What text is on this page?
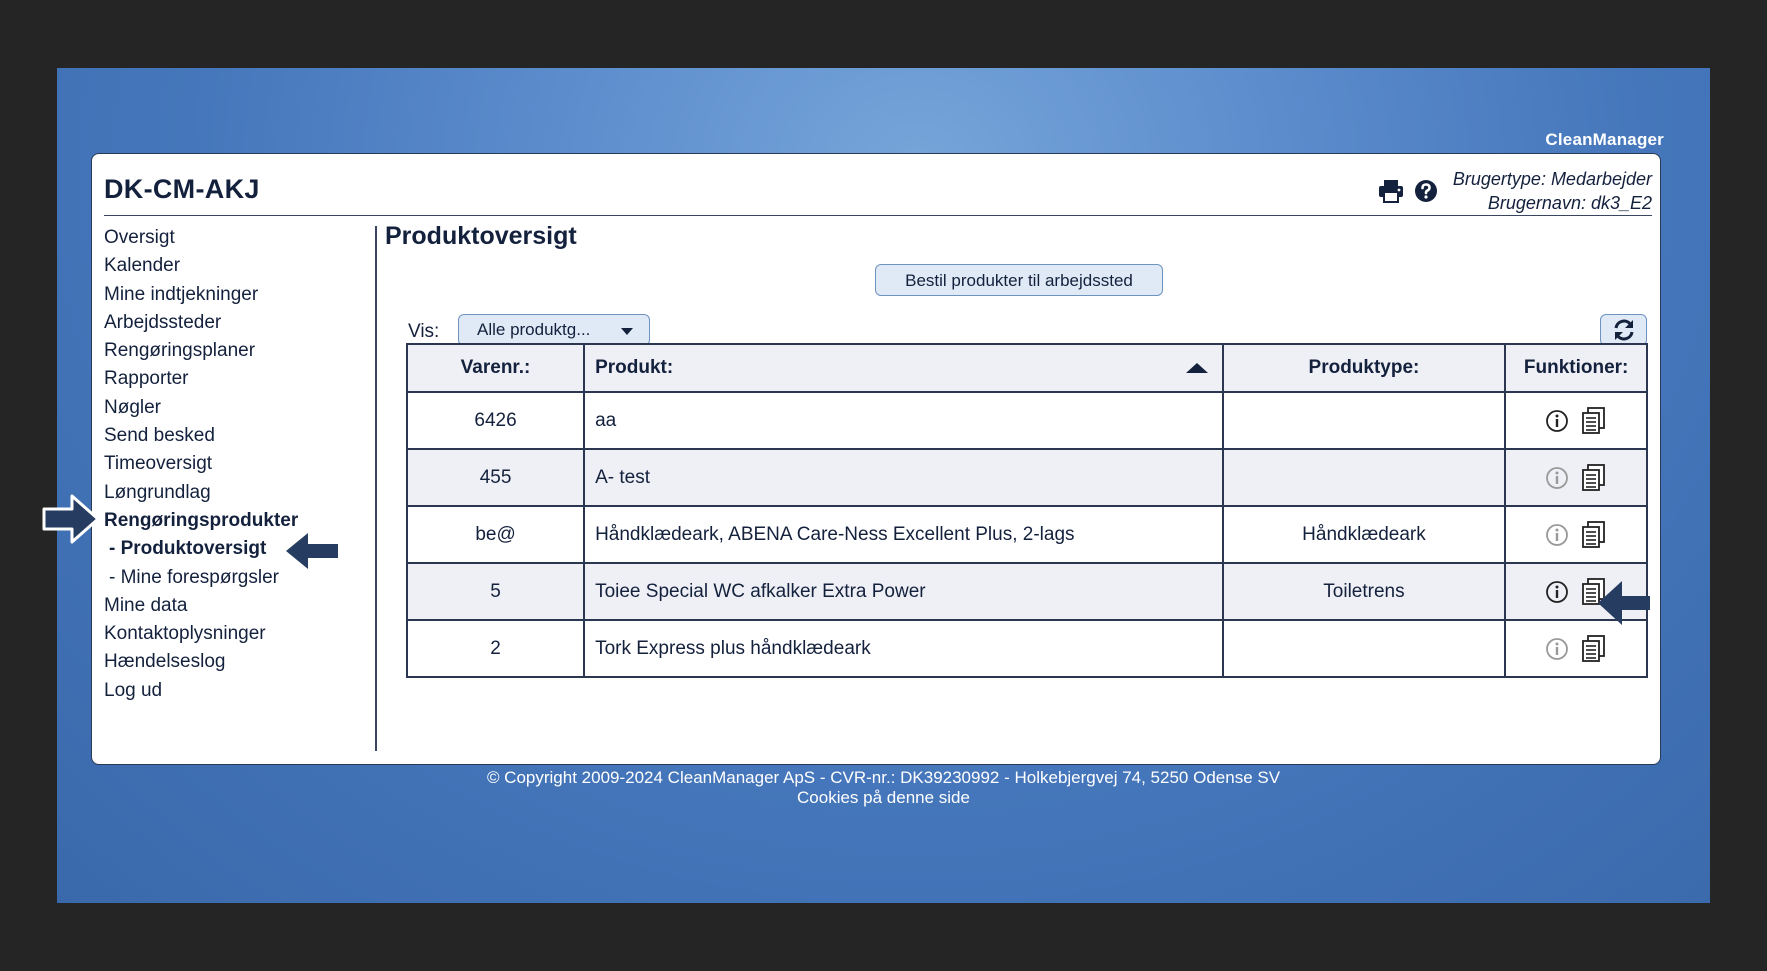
CleanManager
DK-CM-AKJ	Brugertype: Medarbejder
Brugernavn: dk3_E2
Oversigt
Kalender
Mine indtjekninger
Arbejdssteder
Rengøringsplaner
Rapporter
Nøgler
Send besked
Timeoversigt
Løngrundlag
Rengøringsprodukter
- Produktoversigt
- Mine forespørgsler
Mine data
Kontaktoplysninger
Hændelseslog
Log ud
Produktoversigt
Bestil produkter til arbejdssted
Vis:	Alle produktg...
Varenr.:	Produkt:	Produktype:	Funktioner:
6426	aa		

455	A- test		

be@	Håndklædeark, ABENA Care-Ness Excellent Plus, 2-lags	Håndklædeark	

5	Toiee Special WC afkalker Extra Power	Toiletrens	

2	Tork Express plus håndklædeark		
© Copyright 2009-2024 CleanManager ApS - CVR-nr.: DK39230992 - Holkebjergvej 74, 5250 Odense SV
Cookies på denne side
